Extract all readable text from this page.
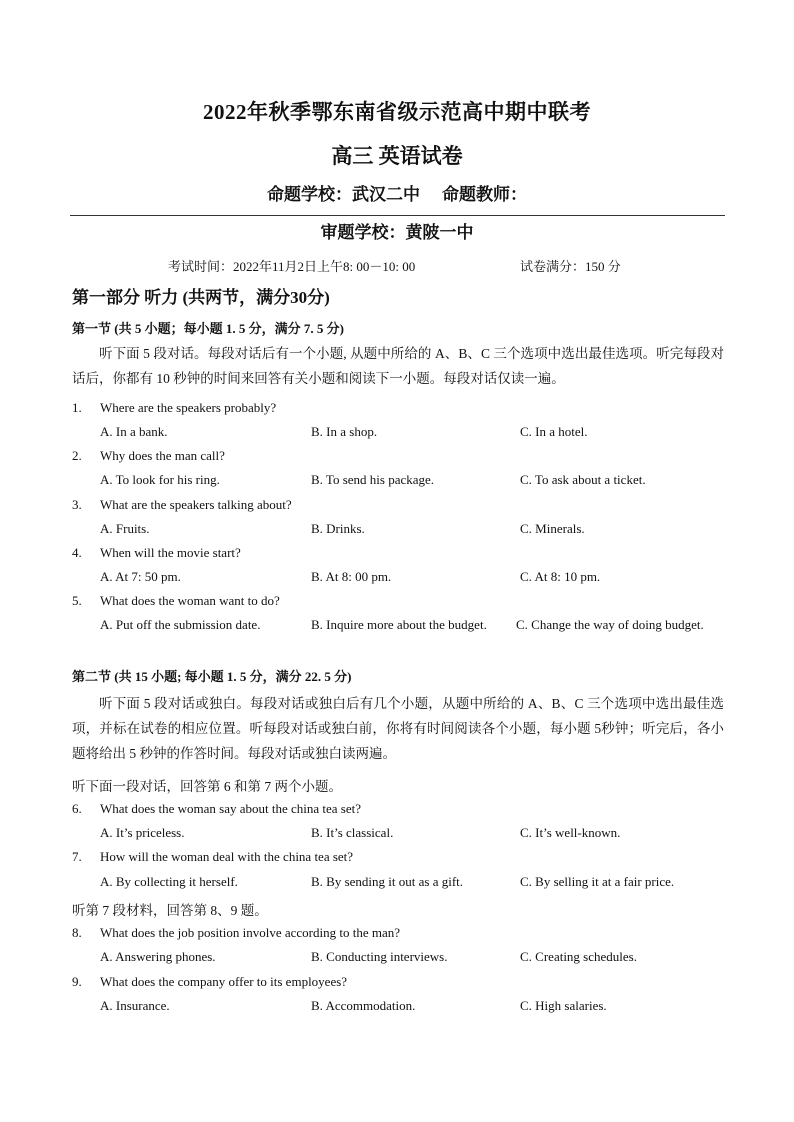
2022年秋季鄂东南省级示范高中期中联考
高三 英语试卷
命题学校：武汉二中 命题教师：
审题学校：黄陂一中
考试时间：2022年11月2日上午8: 00－10: 00	试卷满分：150 分
第一部分 听力 (共两节，满分30分)
第一节 (共 5 小题；每小题 1. 5 分，满分 7. 5 分)
听下面 5 段对话。每段对话后有一个小题, 从题中所给的 A、B、C 三个选项中选出最佳选项。听完每段对话后，你都有 10 秒钟的时间来回答有关小题和阅读下一小题。每段对话仅读一遍。
1. Where are the speakers probably?
A. In a bank.	B. In a shop.	C. In a hotel.
2. Why does the man call?
A. To look for his ring.	B. To send his package.	C. To ask about a ticket.
3. What are the speakers talking about?
A. Fruits.	B. Drinks.	C. Minerals.
4. When will the movie start?
A. At 7: 50 pm.	B. At 8: 00 pm.	C. At 8: 10 pm.
5. What does the woman want to do?
A. Put off the submission date.	B. Inquire more about the budget. C. Change the way of doing budget.
第二节 (共 15 小题; 每小题 1. 5 分，满分 22. 5 分)
听下面 5 段对话或独白。每段对话或独白后有几个小题，从题中所给的 A、B、C 三个选项中选出最佳选项，并标在试卷的相应位置。听每段对话或独白前，你将有时间阅读各个小题，每小题 5秒钟；听完后，各小题将给出 5 秒钟的作答时间。每段对话或独白读两遍。
听下面一段对话，回答第 6 和第 7 两个小题。
6. What does the woman say about the china tea set?
A. It’s priceless.	B. It’s classical.	C. It’s well-known.
7. How will the woman deal with the china tea set?
A. By collecting it herself.	B. By sending it out as a gift.	C. By selling it at a fair price.
听第 7 段材料，回答第 8、9 题。
8. What does the job position involve according to the man?
A. Answering phones.	B. Conducting interviews.	C. Creating schedules.
9. What does the company offer to its employees?
A. Insurance.	B. Accommodation.	C. High salaries.
